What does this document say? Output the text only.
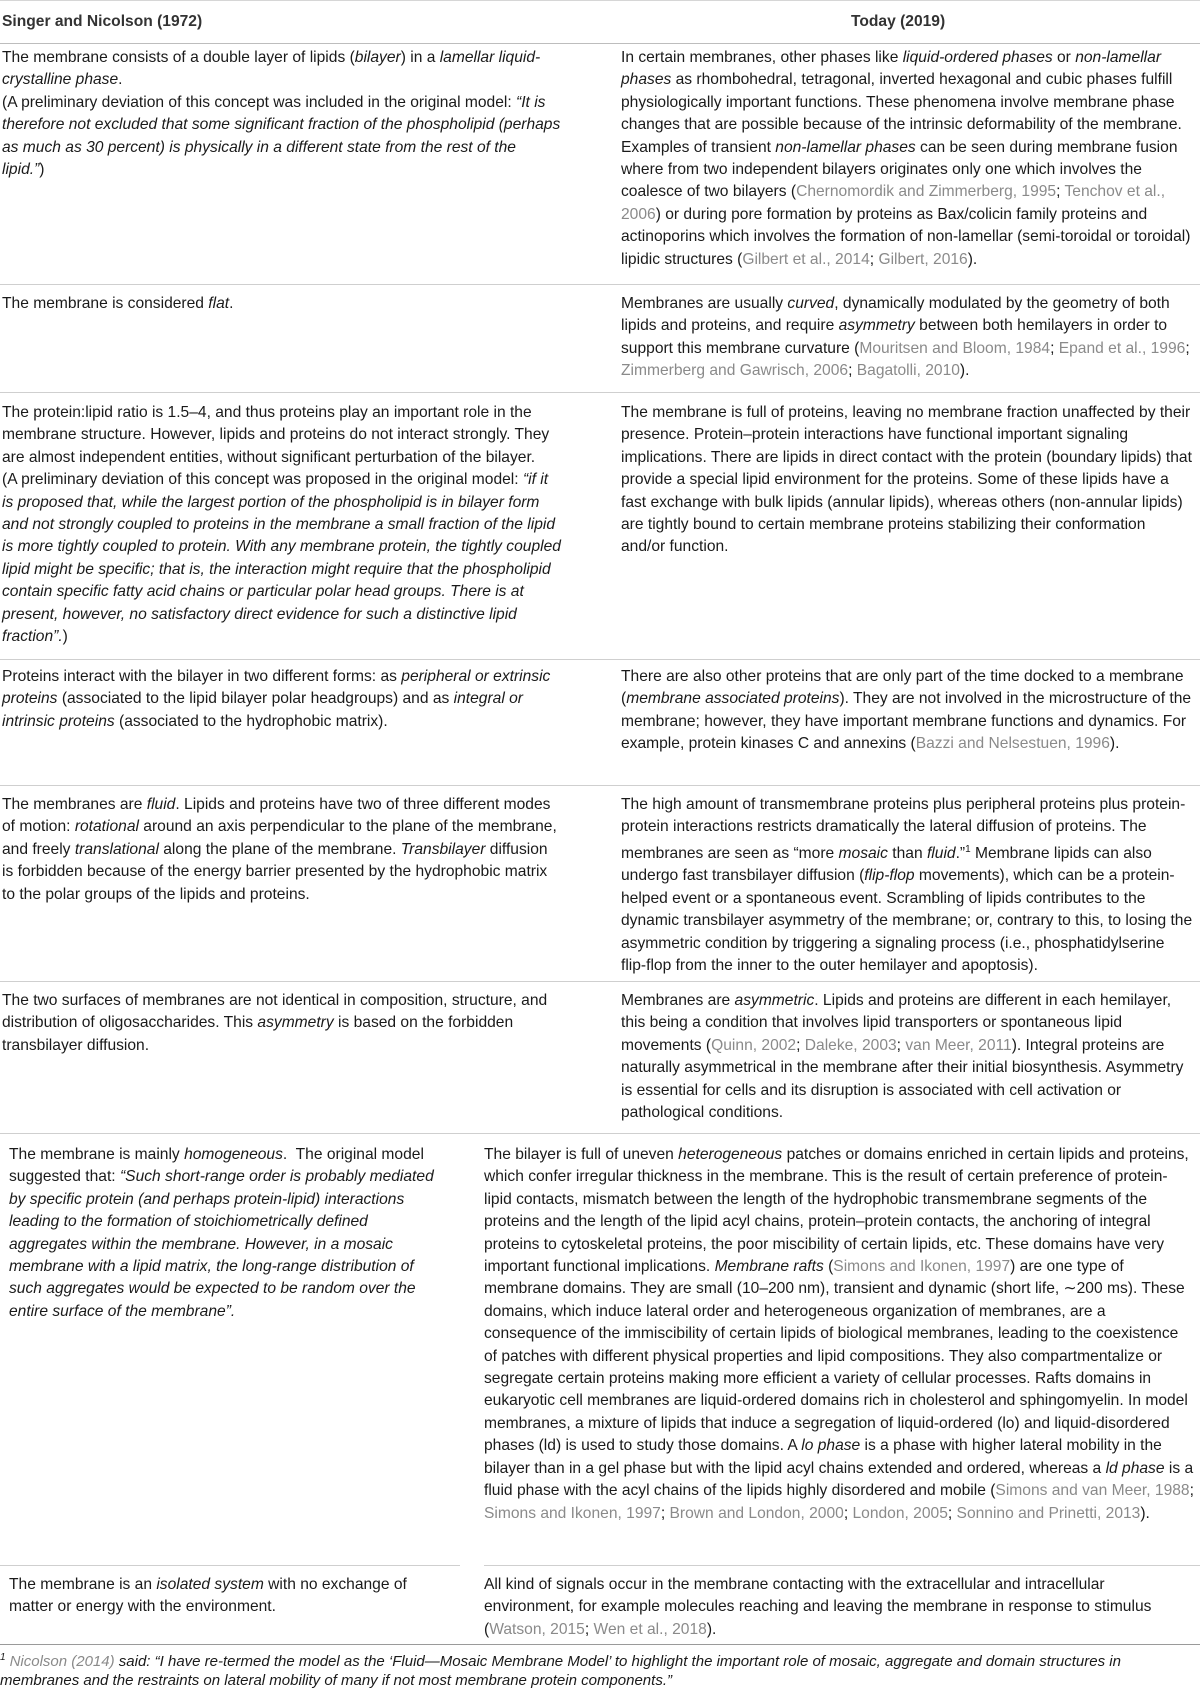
Singer and Nicolson (1972)	Today (2019)
The membrane consists of a double layer of lipids (bilayer) in a lamellar liquid-crystalline phase.
(A preliminary deviation of this concept was included in the original model: “It is therefore not excluded that some significant fraction of the phospholipid (perhaps as much as 30 percent) is physically in a different state from the rest of the lipid.”)
In certain membranes, other phases like liquid-ordered phases or non-lamellar phases as rhombohedral, tetragonal, inverted hexagonal and cubic phases fulfill physiologically important functions. These phenomena involve membrane phase changes that are possible because of the intrinsic deformability of the membrane. Examples of transient non-lamellar phases can be seen during membrane fusion where from two independent bilayers originates only one which involves the coalesce of two bilayers (Chernomordik and Zimmerberg, 1995; Tenchov et al., 2006) or during pore formation by proteins as Bax/colicin family proteins and actinoporins which involves the formation of non-lamellar (semi-toroidal or toroidal) lipidic structures (Gilbert et al., 2014; Gilbert, 2016).
The membrane is considered flat.	Membranes are usually curved, dynamically modulated by the geometry of both lipids and proteins, and require asymmetry between both hemilayers in order to support this membrane curvature (Mouritsen and Bloom, 1984; Epand et al., 1996; Zimmerberg and Gawrisch, 2006; Bagatolli, 2010).
The protein:lipid ratio is 1.5–4, and thus proteins play an important role in the membrane structure. However, lipids and proteins do not interact strongly. They are almost independent entities, without significant perturbation of the bilayer.
(A preliminary deviation of this concept was proposed in the original model: “if it is proposed that, while the largest portion of the phospholipid is in bilayer form and not strongly coupled to proteins in the membrane a small fraction of the lipid is more tightly coupled to protein. With any membrane protein, the tightly coupled lipid might be specific; that is, the interaction might require that the phospholipid contain specific fatty acid chains or particular polar head groups. There is at present, however, no satisfactory direct evidence for such a distinctive lipid fraction”.)
The membrane is full of proteins, leaving no membrane fraction unaffected by their presence. Protein–protein interactions have functional important signaling implications. There are lipids in direct contact with the protein (boundary lipids) that provide a special lipid environment for the proteins. Some of these lipids have a fast exchange with bulk lipids (annular lipids), whereas others (non-annular lipids) are tightly bound to certain membrane proteins stabilizing their conformation and/or function.
Proteins interact with the bilayer in two different forms: as peripheral or extrinsic proteins (associated to the lipid bilayer polar headgroups) and as integral or intrinsic proteins (associated to the hydrophobic matrix).
There are also other proteins that are only part of the time docked to a membrane (membrane associated proteins). They are not involved in the microstructure of the membrane; however, they have important membrane functions and dynamics. For example, protein kinases C and annexins (Bazzi and Nelsestuen, 1996).
The membranes are fluid. Lipids and proteins have two of three different modes of motion: rotational around an axis perpendicular to the plane of the membrane, and freely translational along the plane of the membrane. Transbilayer diffusion is forbidden because of the energy barrier presented by the hydrophobic matrix to the polar groups of the lipids and proteins.
The high amount of transmembrane proteins plus peripheral proteins plus protein-protein interactions restricts dramatically the lateral diffusion of proteins. The membranes are seen as “more mosaic than fluid.”$^1$ Membrane lipids can also undergo fast transbilayer diffusion (flip-flop movements), which can be a protein-helped event or a spontaneous event. Scrambling of lipids contributes to the dynamic transbilayer asymmetry of the membrane; or, contrary to this, to losing the asymmetric condition by triggering a signaling process (i.e., phosphatidylserine flip-flop from the inner to the outer hemilayer and apoptosis).
The two surfaces of membranes are not identical in composition, structure, and distribution of oligosaccharides. This asymmetry is based on the forbidden transbilayer diffusion.
Membranes are asymmetric. Lipids and proteins are different in each hemilayer, this being a condition that involves lipid transporters or spontaneous lipid movements (Quinn, 2002; Daleke, 2003; van Meer, 2011). Integral proteins are naturally asymmetrical in the membrane after their initial biosynthesis. Asymmetry is essential for cells and its disruption is associated with cell activation or pathological conditions.
The membrane is mainly homogeneous.  The original model suggested that: “Such short-range order is probably mediated by specific protein (and perhaps protein-lipid) interactions leading to the formation of stoichiometrically defined aggregates within the membrane. However, in a mosaic membrane with a lipid matrix, the long-range distribution of such aggregates would be expected to be random over the entire surface of the membrane”.
The bilayer is full of uneven heterogeneous patches or domains enriched in certain lipids and proteins, which confer irregular thickness in the membrane. This is the result of certain preference of protein-lipid contacts, mismatch between the length of the hydrophobic transmembrane segments of the proteins and the length of the lipid acyl chains, protein–protein contacts, the anchoring of integral proteins to cytoskeletal proteins, the poor miscibility of certain lipids, etc. These domains have very important functional implications. Membrane rafts (Simons and Ikonen, 1997) are one type of membrane domains. They are small (10–200 nm), transient and dynamic (short life, ∼200 ms). These domains, which induce lateral order and heterogeneous organization of membranes, are a consequence of the immiscibility of certain lipids of biological membranes, leading to the coexistence of patches with different physical properties and lipid compositions. They also compartmentalize or segregate certain proteins making more efficient a variety of cellular processes. Rafts domains in eukaryotic cell membranes are liquid-ordered domains rich in cholesterol and sphingomyelin. In model membranes, a mixture of lipids that induce a segregation of liquid-ordered (lo) and liquid-disordered phases (ld) is used to study those domains. A lo phase is a phase with higher lateral mobility in the bilayer than in a gel phase but with the lipid acyl chains extended and ordered, whereas a ld phase is a fluid phase with the acyl chains of the lipids highly disordered and mobile (Simons and van Meer, 1988; Simons and Ikonen, 1997; Brown and London, 2000; London, 2005; Sonnino and Prinetti, 2013).
The membrane is an isolated system with no exchange of matter or energy with the environment.
All kind of signals occur in the membrane contacting with the extracellular and intracellular environment, for example molecules reaching and leaving the membrane in response to stimulus (Watson, 2015; Wen et al., 2018).
$^1$ Nicolson (2014) said: “I have re-termed the model as the ‘Fluid—Mosaic Membrane Model’ to highlight the important role of mosaic, aggregate and domain structures in membranes and the restraints on lateral mobility of many if not most membrane protein components.”
